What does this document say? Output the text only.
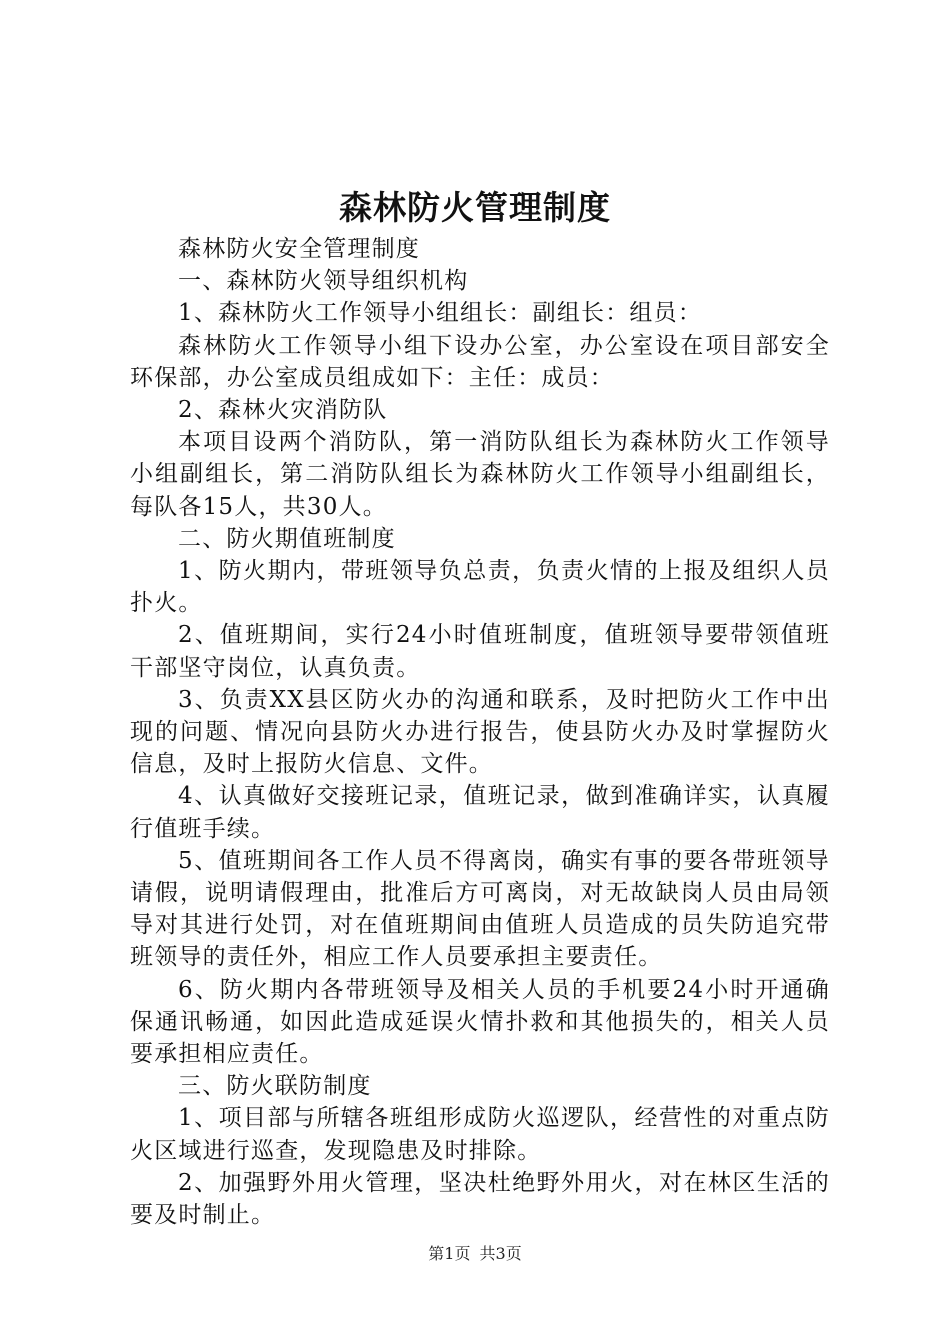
森林防火管理制度

森林防火安全管理制度

一、森林防火领导组织机构

1、森林防火工作领导小组组长：副组长：组员：

森林防火工作领导小组下设办公室，办公室设在项目部安全环保部，办公室成员组成如下：主任：成员：

2、森林火灾消防队

本项目设两个消防队，第一消防队组长为森林防火工作领导小组副组长，第二消防队组长为森林防火工作领导小组副组长，每队各15人，共30人。

二、防火期值班制度

1、防火期内，带班领导负总责，负责火情的上报及组织人员扑火。

2、值班期间，实行24小时值班制度，值班领导要带领值班干部坚守岗位，认真负责。

3、负责XX县区防火办的沟通和联系，及时把防火工作中出现的问题、情况向县防火办进行报告，使县防火办及时掌握防火信息，及时上报防火信息、文件。

4、认真做好交接班记录，值班记录，做到准确详实，认真履行值班手续。

5、值班期间各工作人员不得离岗，确实有事的要各带班领导请假，说明请假理由，批准后方可离岗，对无故缺岗人员由局领导对其进行处罚，对在值班期间由值班人员造成的员失防追究带班领导的责任外，相应工作人员要承担主要责任。

6、防火期内各带班领导及相关人员的手机要24小时开通确保通讯畅通，如因此造成延误火情扑救和其他损失的，相关人员要承担相应责任。

三、防火联防制度

1、项目部与所辖各班组形成防火巡逻队，经营性的对重点防火区域进行巡查，发现隐患及时排除。

2、加强野外用火管理，坚决杜绝野外用火，对在林区生活的要及时制止。

第1页 共3页
